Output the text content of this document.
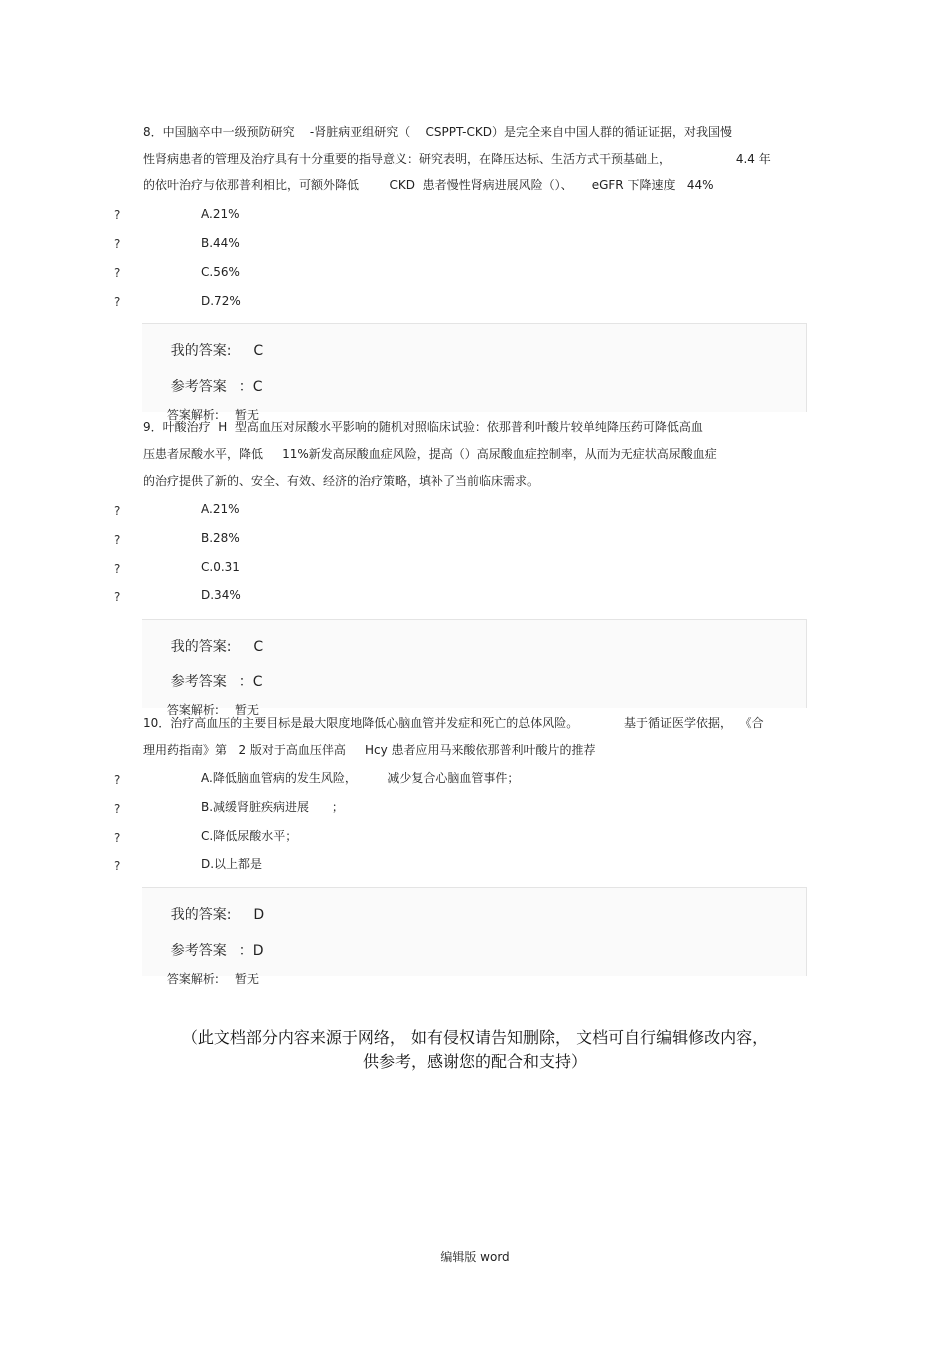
8．中国脑卒中一级预防研究    -肾脏病亚组研究（    CSPPT-CKD）是完全来自中国人群的循证证据，对我国慢
性肾病患者的管理及治疗具有十分重要的指导意义：研究表明，在降压达标、生活方式干预基础上，                 4.4 年
的依叶治疗与依那普利相比，可额外降低        CKD  患者慢性肾病进展风险（）、     eGFR 下降速度   44%
?	A.21%
?	B.44%
?	C.56%
?	D.72%

我的答案: C

参考答案 ：C

答案解析: 暂无

9．叶酸治疗  H  型高血压对尿酸水平影响的随机对照临床试验：依那普利叶酸片较单纯降压药可降低高血
压患者尿酸水平，降低     11%新发高尿酸血症风险，提高（）高尿酸血症控制率，从而为无症状高尿酸血症
的治疗提供了新的、安全、有效、经济的治疗策略，填补了当前临床需求。
?	A.21%
?	B.28%
?	C.0.31
?	D.34%

我的答案: C

参考答案 ：C

答案解析: 暂无

10．治疗高血压的主要目标是最大限度地降低心脑血管并发症和死亡的总体风险。            基于循证医学依据，  《合
理用药指南》第   2 版对于高血压伴高     Hcy 患者应用马来酸依那普利叶酸片的推荐
?	A.降低脑血管病的发生风险，        减少复合心脑血管事件；
?	B.减缓肾脏疾病进展      ；
?	C.降低尿酸水平；
?	D.以上都是

我的答案: D

参考答案 ：D

答案解析: 暂无

（此文档部分内容来源于网络， 如有侵权请告知删除， 文档可自行编辑修改内容，
供参考，感谢您的配合和支持）
编辑版 word
